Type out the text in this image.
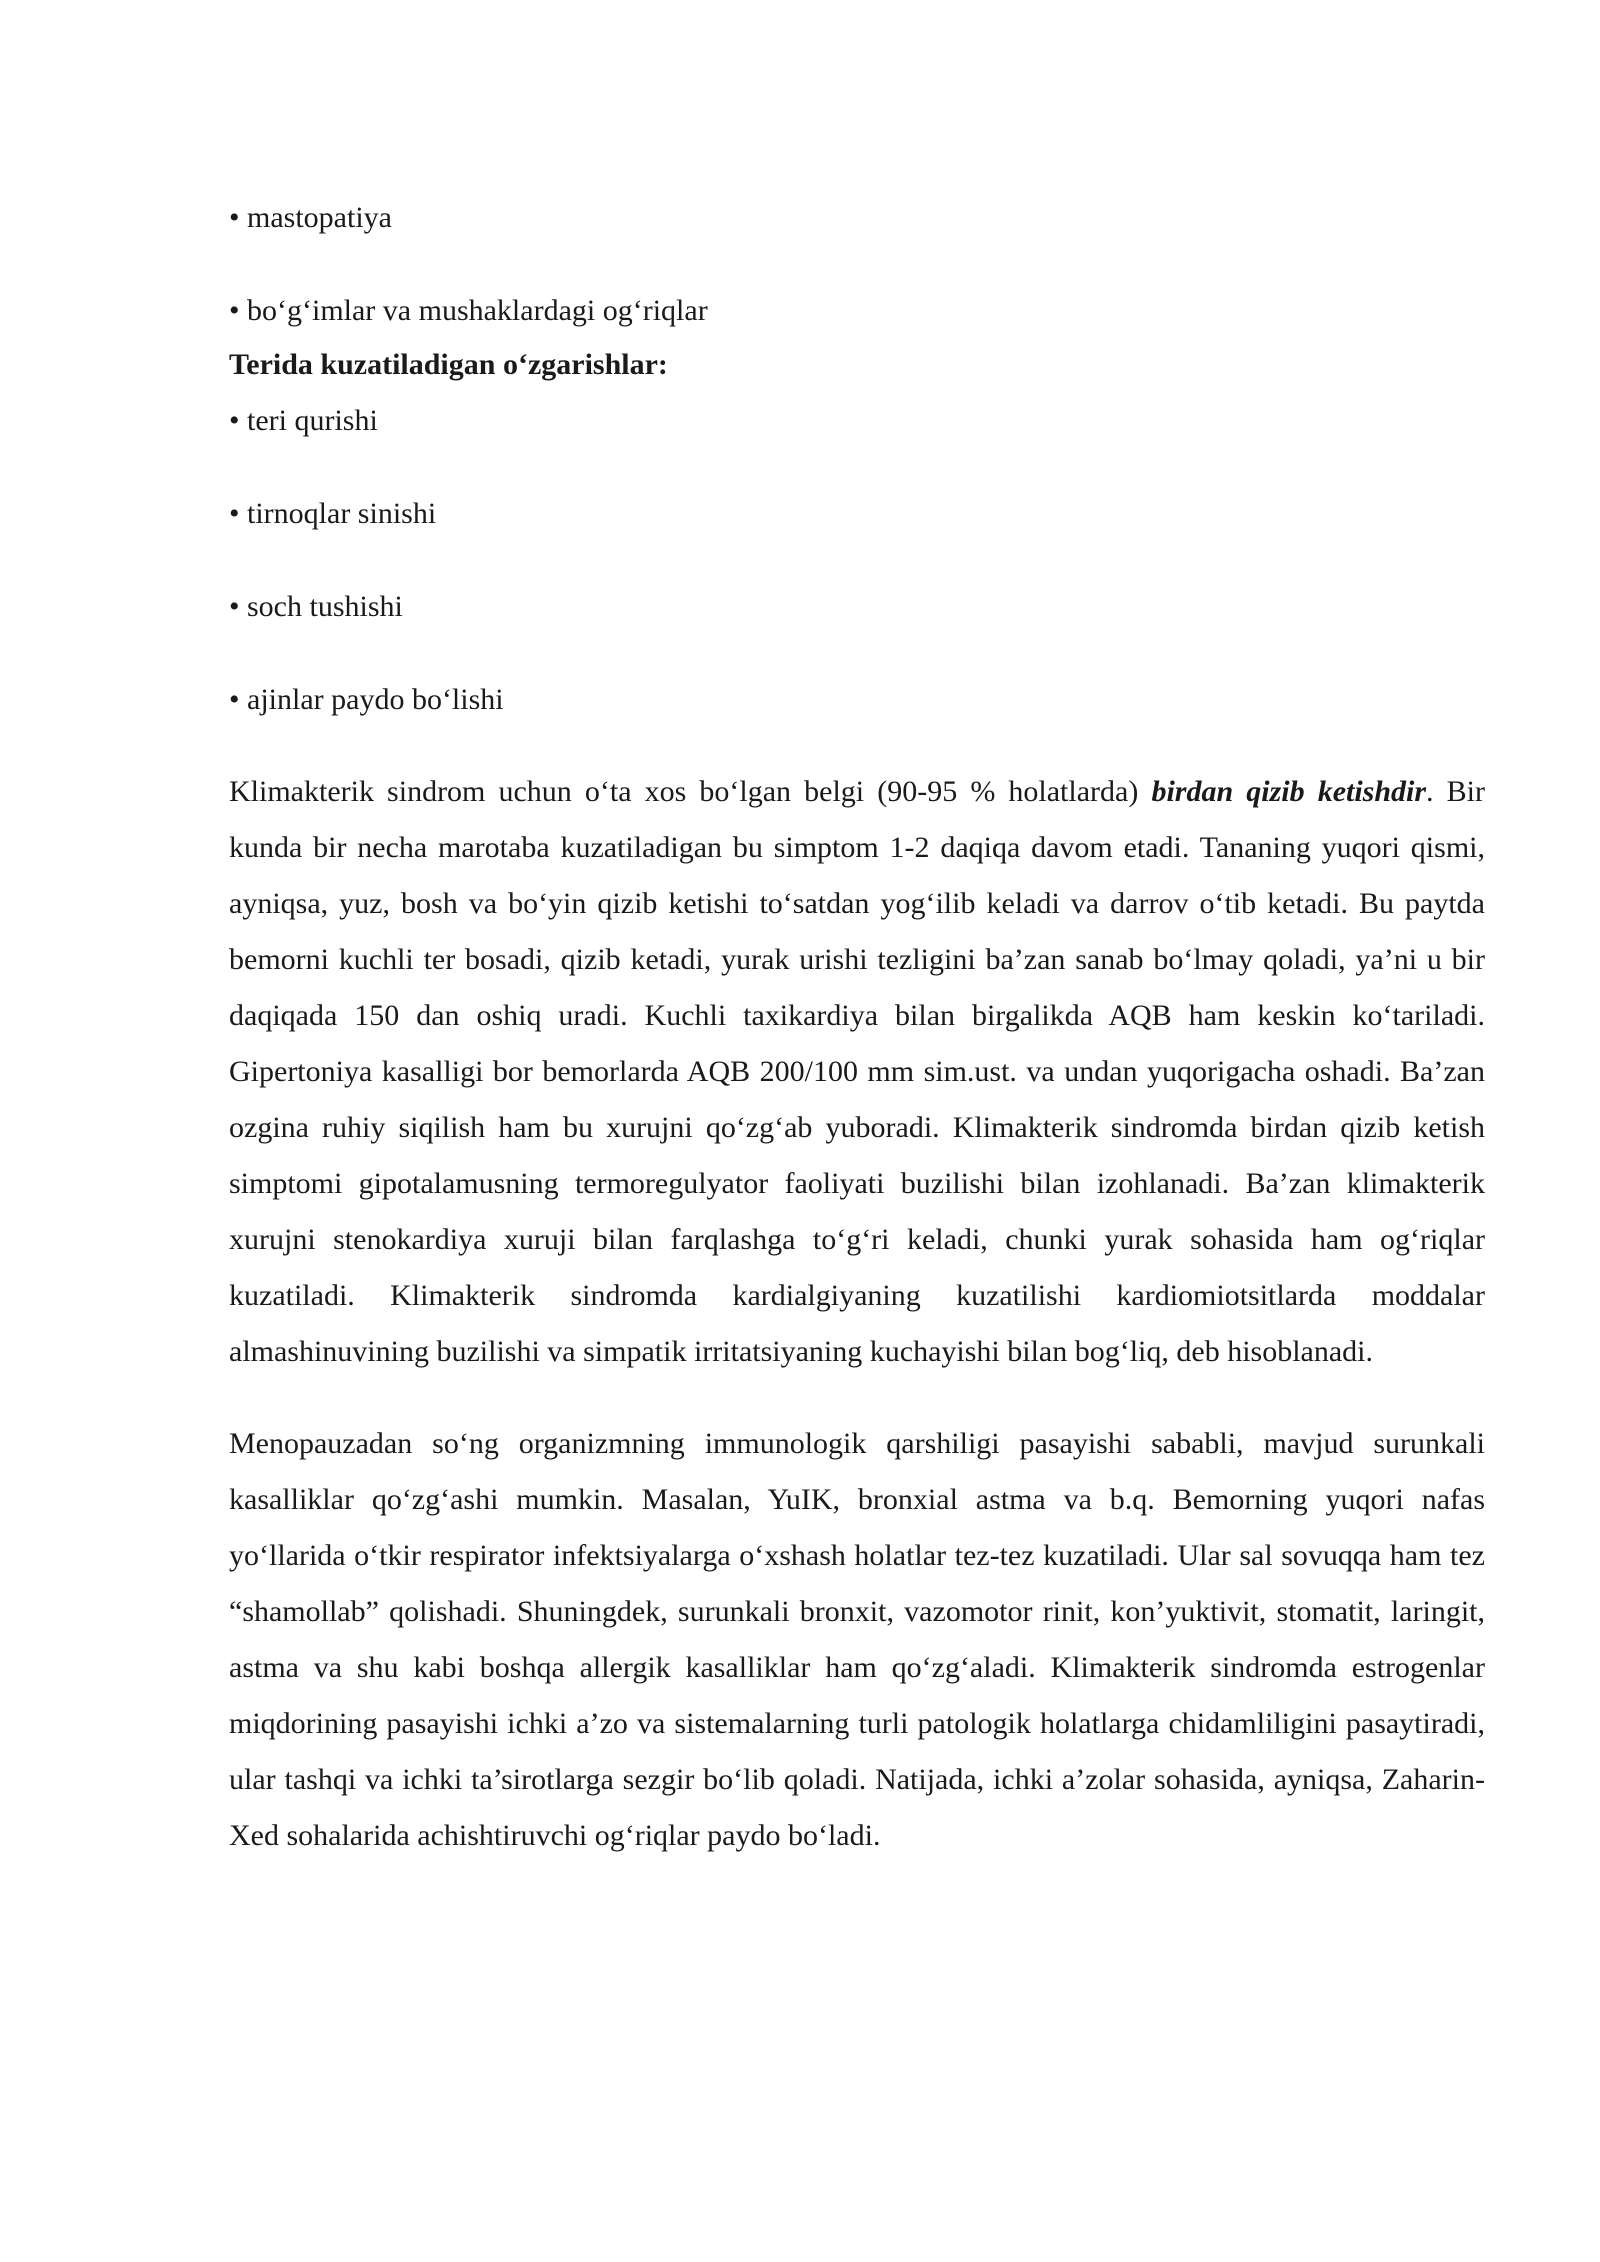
• mastopatiya
• bo‘g‘imlar va mushaklardagi og‘riqlar
Terida kuzatiladigan o‘zgarishlar:
• teri qurishi
• tirnoqlar sinishi
• soch tushishi
• ajinlar paydo bo‘lishi

Klimakterik sindrom uchun o‘ta xos bo‘lgan belgi (90-95 % holatlarda) birdan qizib ketishdir. Bir kunda bir necha marotaba kuzatiladigan bu simptom 1-2 daqiqa davom etadi. Tananing yuqori qismi, ayniqsa, yuz, bosh va bo‘yin qizib ketishi to‘satdan yog‘ilib keladi va darrov o‘tib ketadi. Bu paytda bemorni kuchli ter bosadi, qizib ketadi, yurak urishi tezligini ba’zan sanab bo‘lmay qoladi, ya’ni u bir daqiqada 150 dan oshiq uradi. Kuchli taxikardiya bilan birgalikda AQB ham keskin ko‘tariladi. Gipertoniya kasalligi bor bemorlarda AQB 200/100 mm sim.ust. va undan yuqorigacha oshadi. Ba’zan ozgina ruhiy siqilish ham bu xurujni qo‘zg‘ab yuboradi. Klimakterik sindromda birdan qizib ketish simptomi gipotalamusning termoregulyator faoliyati buzilishi bilan izohlanadi. Ba’zan klimakterik xurujni stenokardiya xuruji bilan farqlashga to‘g‘ri keladi, chunki yurak sohasida ham og‘riqlar kuzatiladi. Klimakterik sindromda kardialgiyaning kuzatilishi kardiomiotsitlarda moddalar almashinuvining buzilishi va simpatik irritatsiyaning kuchayishi bilan bog‘liq, deb hisoblanadi.

Menopauzadan so‘ng organizmning immunologik qarshiligi pasayishi sababli, mavjud surunkali kasalliklar qo‘zg‘ashi mumkin. Masalan, YuIK, bronxial astma va b.q. Bemorning yuqori nafas yo‘llarida o‘tkir respirator infektsiyalarga o‘xshash holatlar tez-tez kuzatiladi. Ular sal sovuqqa ham tez “shamollab” qolishadi. Shuningdek, surunkali bronxit, vazomotor rinit, kon’yuktivit, stomatit, laringit, astma va shu kabi boshqa allergik kasalliklar ham qo‘zg‘aladi. Klimakterik sindromda estrogenlar miqdorining pasayishi ichki a’zo va sistemalarning turli patologik holatlarga chidamliligini pasaytiradi, ular tashqi va ichki ta’sirotlarga sezgir bo‘lib qoladi. Natijada, ichki a’zolar sohasida, ayniqsa, Zaharin-Xed sohalarida achishtiruvchi og‘riqlar paydo bo‘ladi.
